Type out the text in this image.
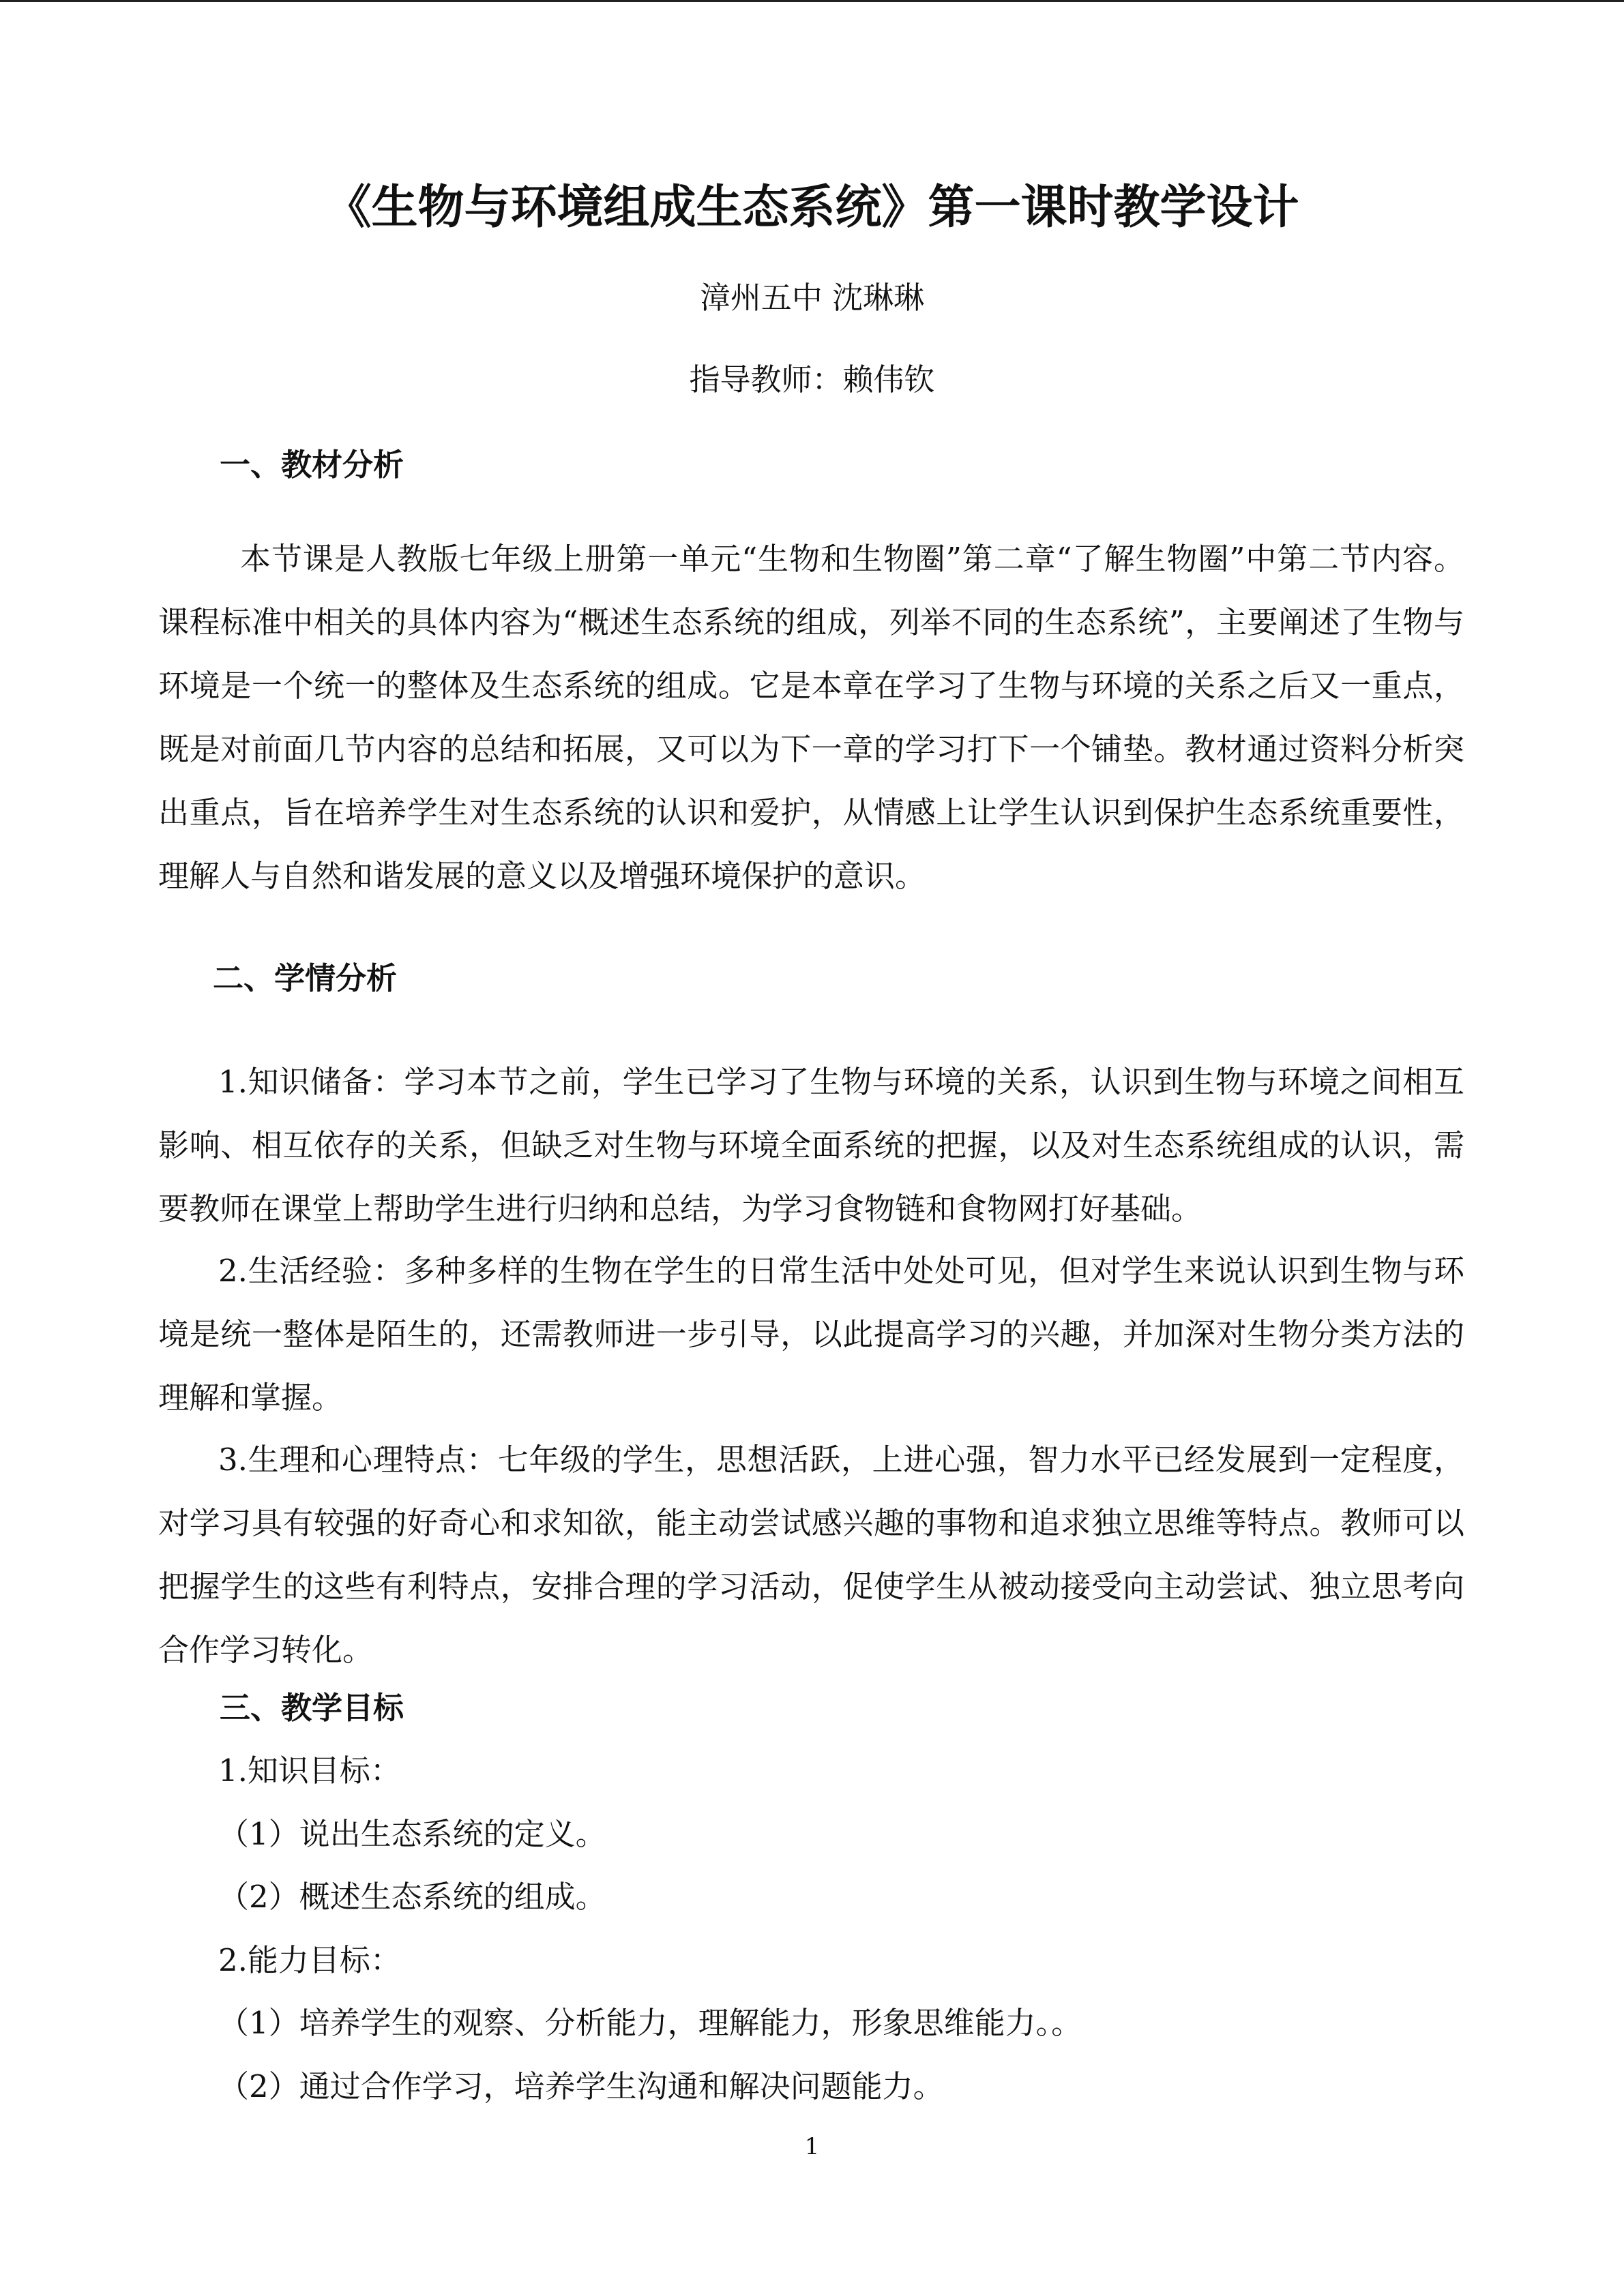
《生物与环境组成生态系统》第一课时教学设计
漳州五中 沈琳琳
指导教师：赖伟钦
一、教材分析
本节课是人教版七年级上册第一单元“生物和生物圈”第二章“了解生物圈”中第二节内容。课程标准中相关的具体内容为“概述生态系统的组成，列举不同的生态系统”，主要阐述了生物与环境是一个统一的整体及生态系统的组成。它是本章在学习了生物与环境的关系之后又一重点，既是对前面几节内容的总结和拓展，又可以为下一章的学习打下一个铺垫。教材通过资料分析突出重点，旨在培养学生对生态系统的认识和爱护，从情感上让学生认识到保护生态系统重要性，理解人与自然和谐发展的意义以及增强环境保护的意识。
二、学情分析
1.知识储备：学习本节之前，学生已学习了生物与环境的关系，认识到生物与环境之间相互影响、相互依存的关系，但缺乏对生物与环境全面系统的把握，以及对生态系统组成的认识，需要教师在课堂上帮助学生进行归纳和总结，为学习食物链和食物网打好基础。
2.生活经验：多种多样的生物在学生的日常生活中处处可见，但对学生来说认识到生物与环境是统一整体是陌生的，还需教师进一步引导，以此提高学习的兴趣，并加深对生物分类方法的理解和掌握。
3.生理和心理特点：七年级的学生，思想活跃，上进心强，智力水平已经发展到一定程度，对学习具有较强的好奇心和求知欲，能主动尝试感兴趣的事物和追求独立思维等特点。教师可以把握学生的这些有利特点，安排合理的学习活动，促使学生从被动接受向主动尝试、独立思考向合作学习转化。
三、教学目标
1.知识目标：
（1）说出生态系统的定义。
（2）概述生态系统的组成。
2.能力目标：
（1）培养学生的观察、分析能力，理解能力，形象思维能力。。
（2）通过合作学习，培养学生沟通和解决问题能力。
1
